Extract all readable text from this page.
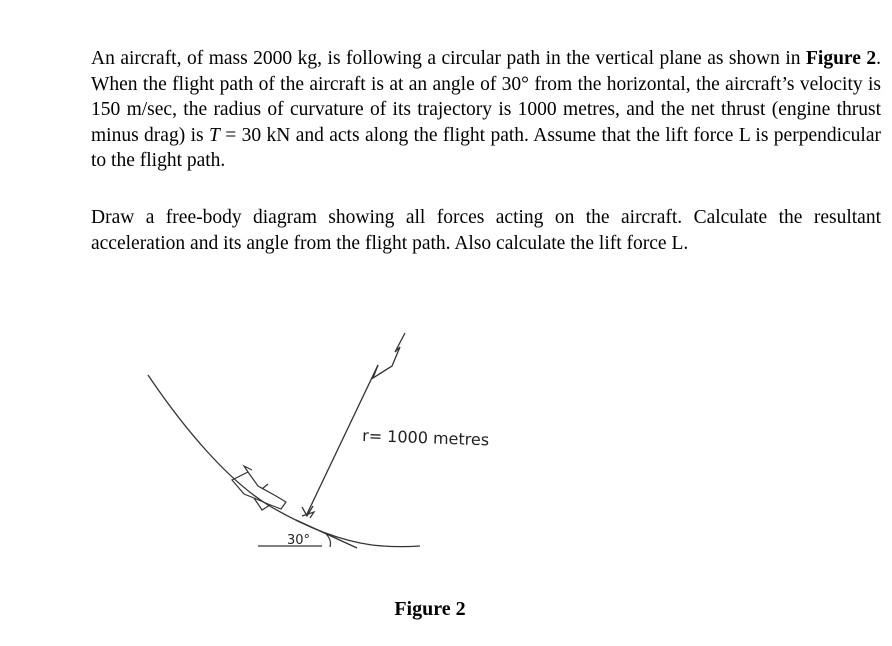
An aircraft, of mass 2000 kg, is following a circular path in the vertical plane as shown in Figure 2. When the flight path of the aircraft is at an angle of 30° from the horizontal, the aircraft’s velocity is 150 m/sec, the radius of curvature of its trajectory is 1000 metres, and the net thrust (engine thrust minus drag) is T = 30 kN and acts along the flight path. Assume that the lift force L is perpendicular to the flight path.

Draw a free-body diagram showing all forces acting on the aircraft. Calculate the resultant acceleration and its angle from the flight path. Also calculate the lift force L.

30°
r= 1000 metres
Figure 2
